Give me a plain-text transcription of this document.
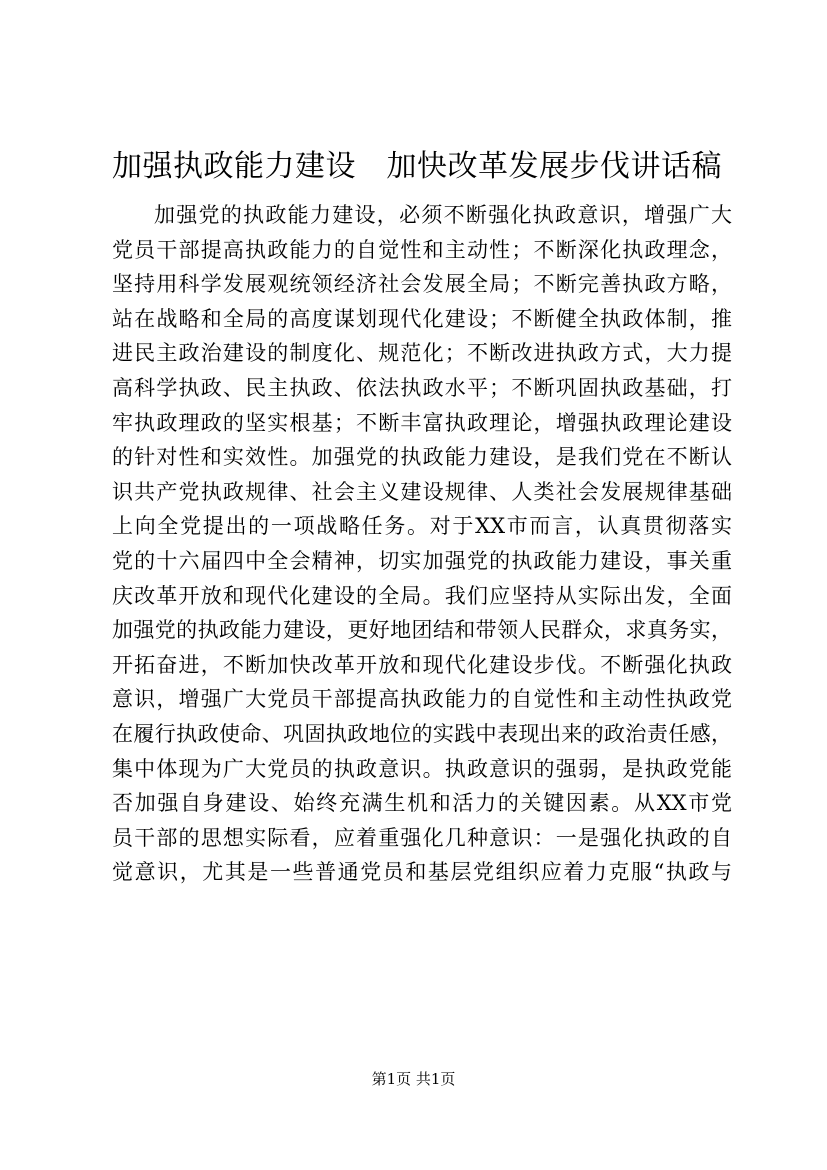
加强执政能力建设　加快改革发展步伐讲话稿
加强党的执政能力建设，必须不断强化执政意识，增强广大
党员干部提高执政能力的自觉性和主动性；不断深化执政理念，
坚持用科学发展观统领经济社会发展全局；不断完善执政方略，
站在战略和全局的高度谋划现代化建设；不断健全执政体制，推
进民主政治建设的制度化、规范化；不断改进执政方式，大力提
高科学执政、民主执政、依法执政水平；不断巩固执政基础，打
牢执政理政的坚实根基；不断丰富执政理论，增强执政理论建设
的针对性和实效性。加强党的执政能力建设，是我们党在不断认
识共产党执政规律、社会主义建设规律、人类社会发展规律基础
上向全党提出的一项战略任务。对于XX市而言，认真贯彻落实
党的十六届四中全会精神，切实加强党的执政能力建设，事关重
庆改革开放和现代化建设的全局。我们应坚持从实际出发，全面
加强党的执政能力建设，更好地团结和带领人民群众，求真务实，
开拓奋进，不断加快改革开放和现代化建设步伐。不断强化执政
意识，增强广大党员干部提高执政能力的自觉性和主动性执政党
在履行执政使命、巩固执政地位的实践中表现出来的政治责任感，
集中体现为广大党员的执政意识。执政意识的强弱，是执政党能
否加强自身建设、始终充满生机和活力的关键因素。从XX市党
员干部的思想实际看，应着重强化几种意识：一是强化执政的自
觉意识，尤其是一些普通党员和基层党组织应着力克服“执政与
第1页 共1页
